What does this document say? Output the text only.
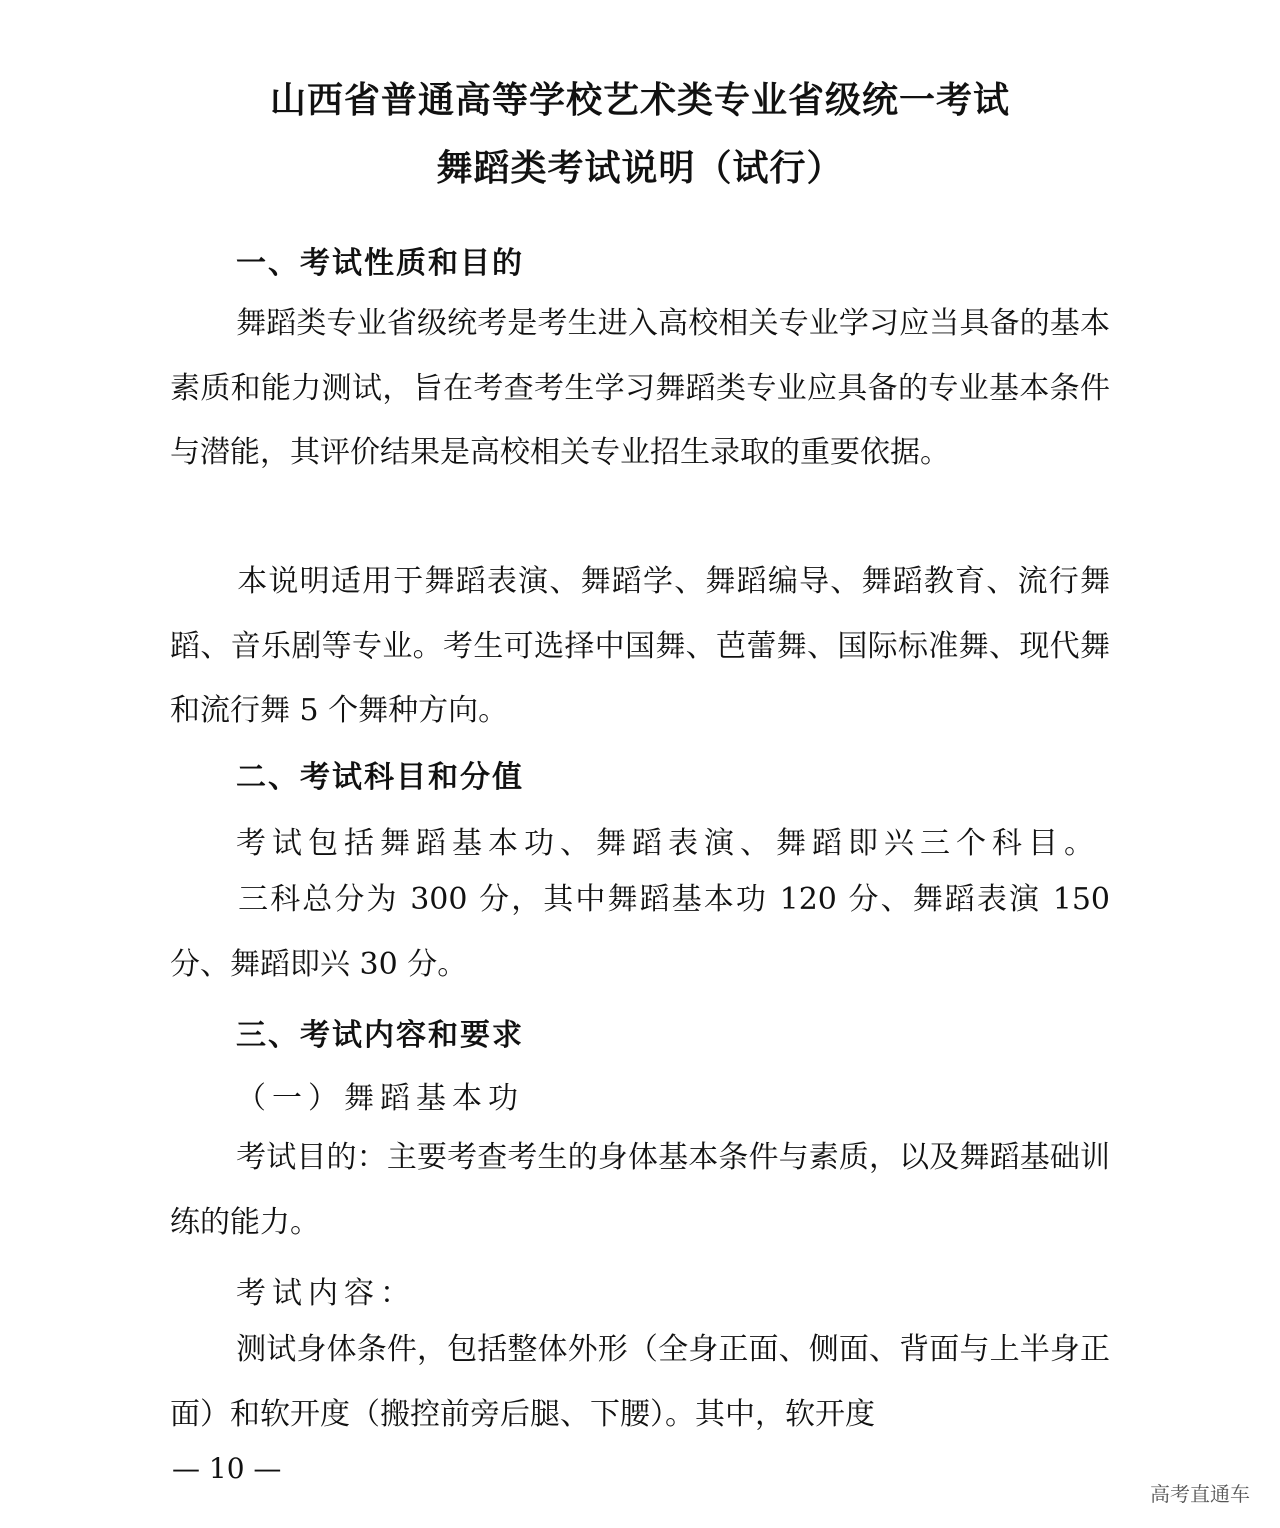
山西省普通高等学校艺术类专业省级统一考试
舞蹈类考试说明（试行）
一、考试性质和目的
舞蹈类专业省级统考是考生进入高校相关专业学习应当具备的基本素质和能力测试，旨在考查考生学习舞蹈类专业应具备的专业基本条件与潜能，其评价结果是高校相关专业招生录取的重要依据。
本说明适用于舞蹈表演、舞蹈学、舞蹈编导、舞蹈教育、流行舞蹈、音乐剧等专业。考生可选择中国舞、芭蕾舞、国际标准舞、现代舞和流行舞 5 个舞种方向。
二、考试科目和分值
考试包括舞蹈基本功、舞蹈表演、舞蹈即兴三个科目。
三科总分为 300 分，其中舞蹈基本功 120 分、舞蹈表演 150 分、舞蹈即兴 30 分。
三、考试内容和要求
（一）舞蹈基本功
考试目的：主要考查考生的身体基本条件与素质，以及舞蹈基础训练的能力。
考试内容：
测试身体条件，包括整体外形（全身正面、侧面、背面与上半身正面）和软开度（搬控前旁后腿、下腰）。其中，软开度
— 10 —
高考直通车
